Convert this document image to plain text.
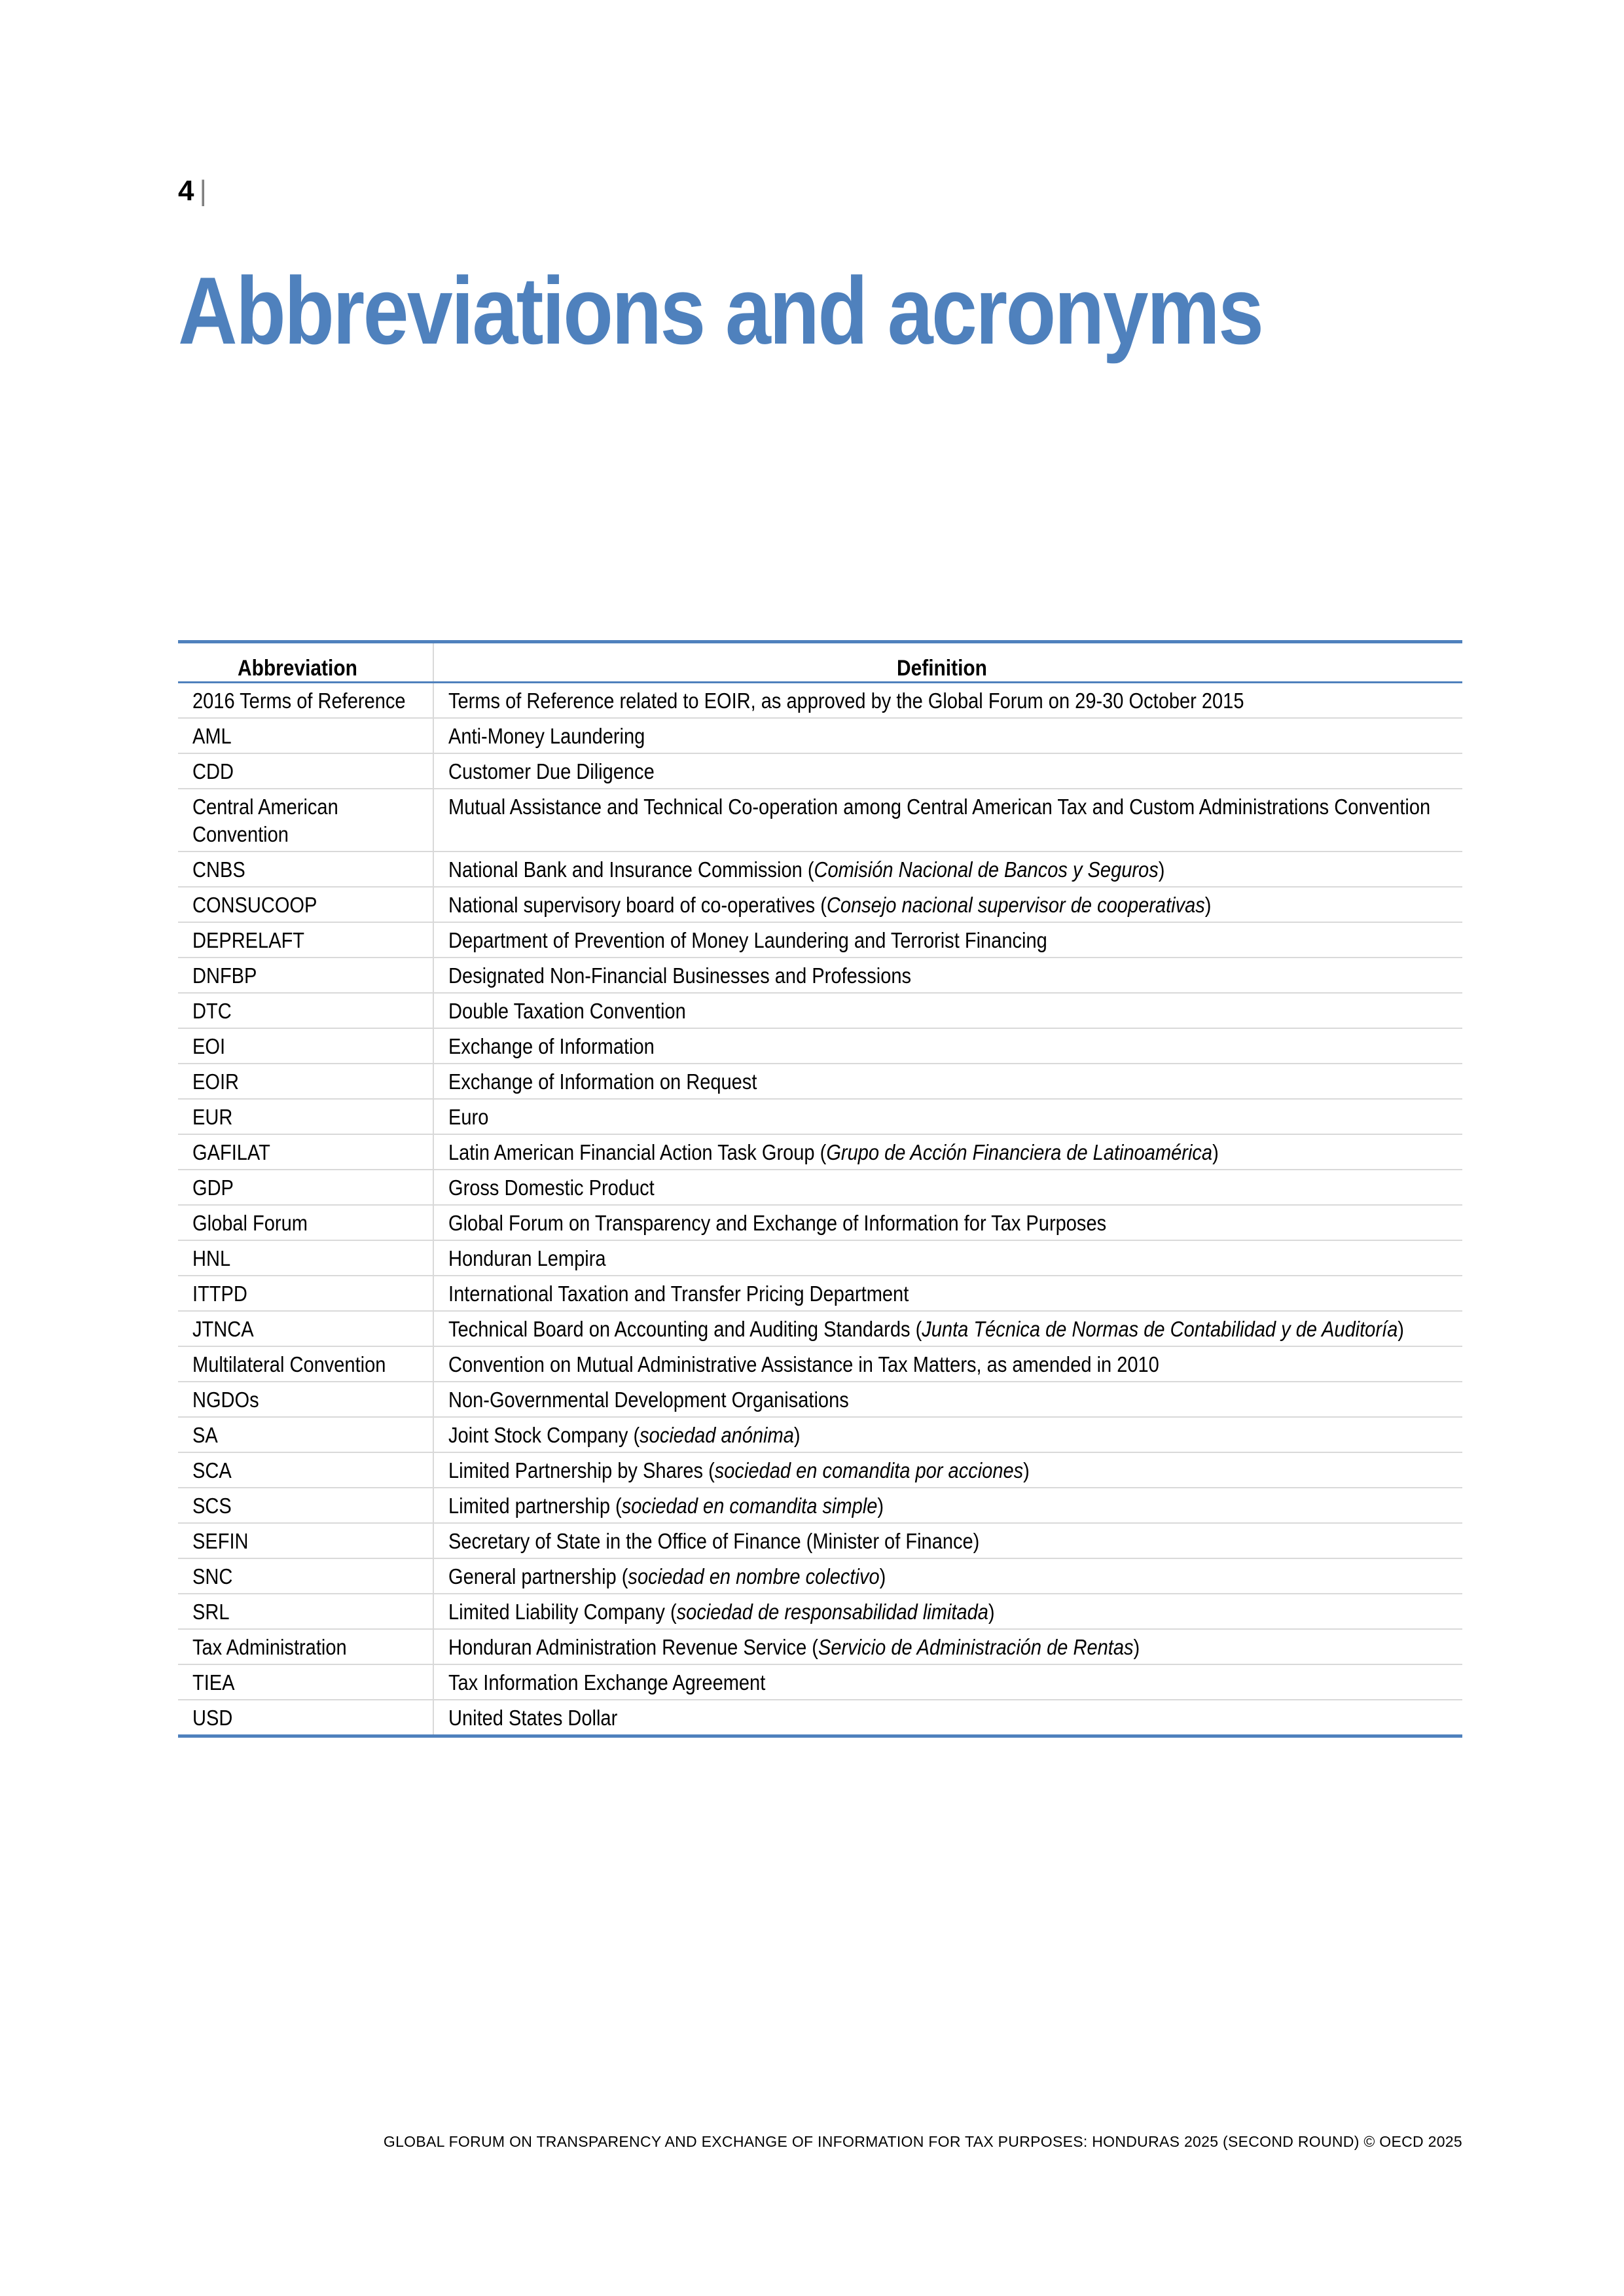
4 |
Abbreviations and acronyms
Abbreviation	Definition

2016 Terms of Reference	Terms of Reference related to EOIR, as approved by the Global Forum on 29-30 October 2015

AML	Anti-Money Laundering

CDD	Customer Due Diligence

Central American Convention	Mutual Assistance and Technical Co-operation among Central American Tax and Custom Administrations Convention

CNBS	National Bank and Insurance Commission (Comisión Nacional de Bancos y Seguros)

CONSUCOOP	National supervisory board of co-operatives (Consejo nacional supervisor de cooperativas)

DEPRELAFT	Department of Prevention of Money Laundering and Terrorist Financing

DNFBP	Designated Non-Financial Businesses and Professions

DTC	Double Taxation Convention

EOI	Exchange of Information

EOIR	Exchange of Information on Request

EUR	Euro

GAFILAT	Latin American Financial Action Task Group (Grupo de Acción Financiera de Latinoamérica)

GDP	Gross Domestic Product

Global Forum	Global Forum on Transparency and Exchange of Information for Tax Purposes

HNL	Honduran Lempira

ITTPD	International Taxation and Transfer Pricing Department

JTNCA	Technical Board on Accounting and Auditing Standards (Junta Técnica de Normas de Contabilidad y de Auditoría)

Multilateral Convention	Convention on Mutual Administrative Assistance in Tax Matters, as amended in 2010

NGDOs	Non-Governmental Development Organisations

SA	Joint Stock Company (sociedad anónima)

SCA	Limited Partnership by Shares (sociedad en comandita por acciones)

SCS	Limited partnership (sociedad en comandita simple)

SEFIN	Secretary of State in the Office of Finance (Minister of Finance)

SNC	General partnership (sociedad en nombre colectivo)

SRL	Limited Liability Company (sociedad de responsabilidad limitada)

Tax Administration	Honduran Administration Revenue Service (Servicio de Administración de Rentas)

TIEA	Tax Information Exchange Agreement

USD	United States Dollar
GLOBAL FORUM ON TRANSPARENCY AND EXCHANGE OF INFORMATION FOR TAX PURPOSES: HONDURAS 2025 (SECOND ROUND) © OECD 2025
